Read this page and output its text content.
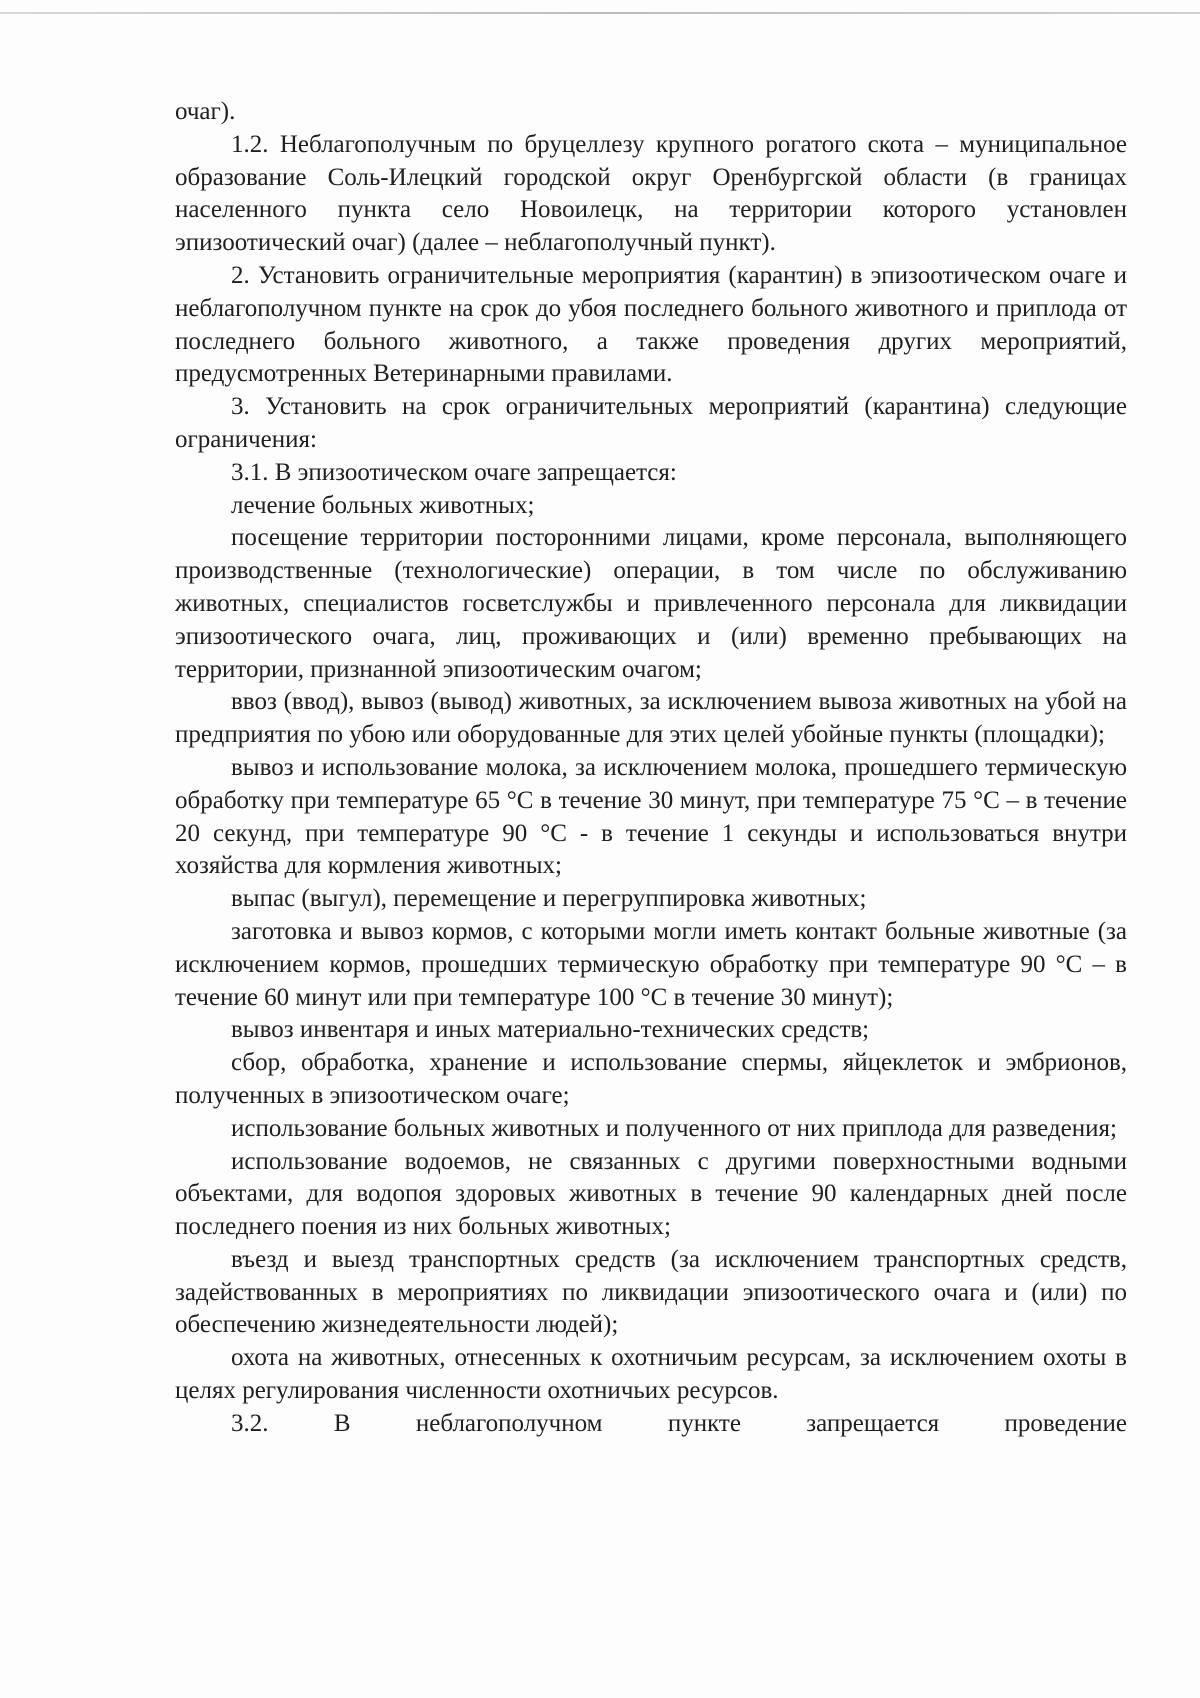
очаг).

1.2. Неблагополучным по бруцеллезу крупного рогатого скота – муниципальное образование Соль-Илецкий городской округ Оренбургской области (в границах населенного пункта село Новоилецк, на территории которого установлен эпизоотический очаг) (далее – неблагополучный пункт).

2. Установить ограничительные мероприятия (карантин) в эпизоотическом очаге и неблагополучном пункте на срок до убоя последнего больного животного и приплода от последнего больного животного, а также проведения других мероприятий, предусмотренных Ветеринарными правилами.

3. Установить на срок ограничительных мероприятий (карантина) следующие ограничения:

3.1. В эпизоотическом очаге запрещается:

лечение больных животных;

посещение территории посторонними лицами, кроме персонала, выполняющего производственные (технологические) операции, в том числе по обслуживанию животных, специалистов госветслужбы и привлеченного персонала для ликвидации эпизоотического очага, лиц, проживающих и (или) временно пребывающих на территории, признанной эпизоотическим очагом;

ввоз (ввод), вывоз (вывод) животных, за исключением вывоза животных на убой на предприятия по убою или оборудованные для этих целей убойные пункты (площадки);

вывоз и использование молока, за исключением молока, прошедшего термическую обработку при температуре 65 °С в течение 30 минут, при температуре 75 °С – в течение 20 секунд, при температуре 90 °С - в течение 1 секунды и использоваться внутри хозяйства для кормления животных;

выпас (выгул), перемещение и перегруппировка животных;

заготовка и вывоз кормов, с которыми могли иметь контакт больные животные (за исключением кормов, прошедших термическую обработку при температуре 90 °С – в течение 60 минут или при температуре 100 °С в течение 30 минут);

вывоз инвентаря и иных материально-технических средств;

сбор, обработка, хранение и использование спермы, яйцеклеток и эмбрионов, полученных в эпизоотическом очаге;

использование больных животных и полученного от них приплода для разведения;

использование водоемов, не связанных с другими поверхностными водными объектами, для водопоя здоровых животных в течение 90 календарных дней после последнего поения из них больных животных;

въезд и выезд транспортных средств (за исключением транспортных средств, задействованных в мероприятиях по ликвидации эпизоотического очага и (или) по обеспечению жизнедеятельности людей);

охота на животных, отнесенных к охотничьим ресурсам, за исключением охоты в целях регулирования численности охотничьих ресурсов.

3.2. В неблагополучном пункте запрещается проведение
